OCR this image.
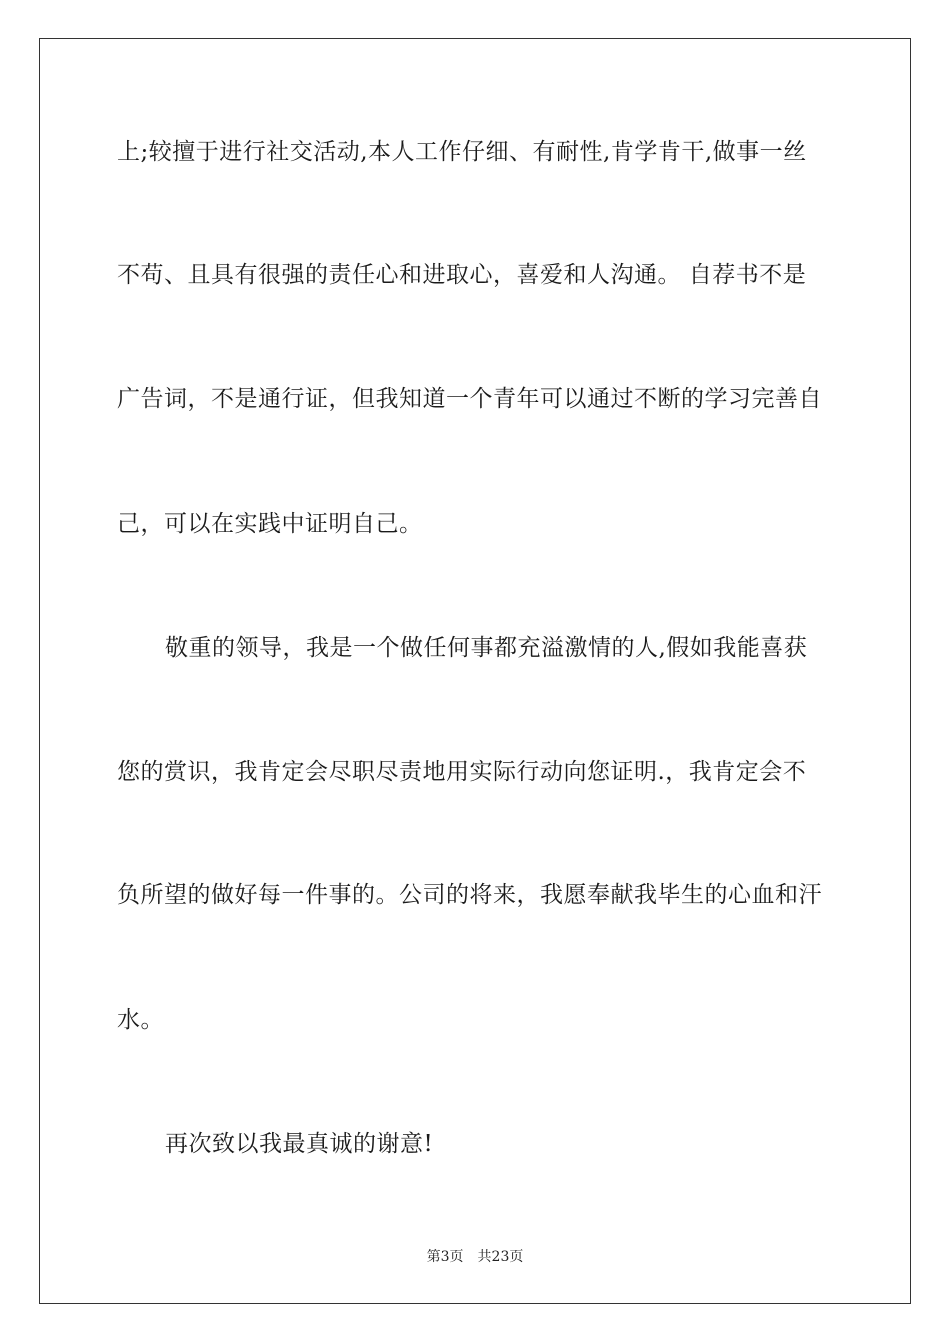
上;较擅于进行社交活动,本人工作仔细、有耐性,肯学肯干,做事一丝
不苟、且具有很强的责任心和进取心，喜爱和人沟通。 自荐书不是
广告词，不是通行证，但我知道一个青年可以通过不断的学习完善自
己，可以在实践中证明自己。
敬重的领导，我是一个做任何事都充溢激情的人,假如我能喜获
您的赏识，我肯定会尽职尽责地用实际行动向您证明.，我肯定会不
负所望的做好每一件事的。公司的将来，我愿奉献我毕生的心血和汗
水。
再次致以我最真诚的谢意!
第3页 共23页
